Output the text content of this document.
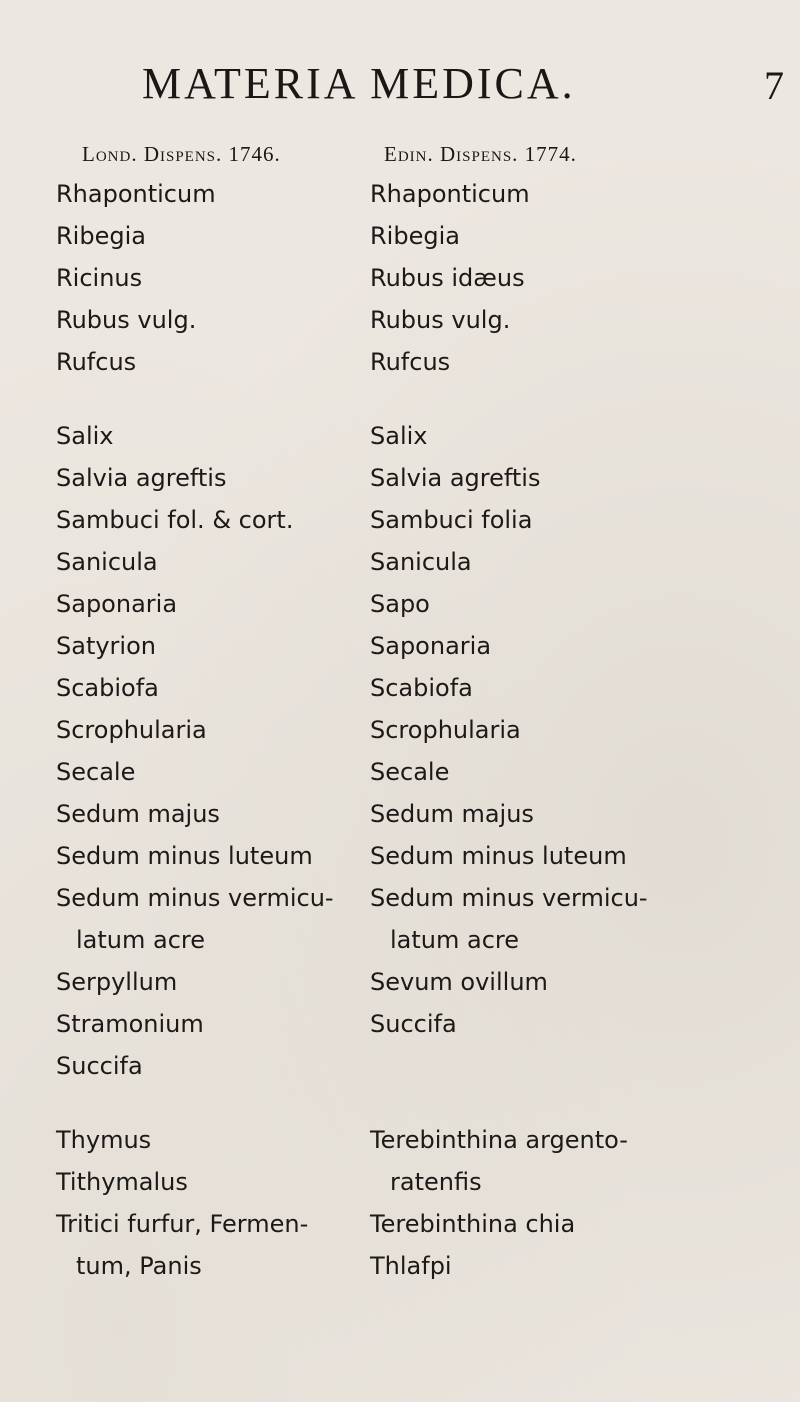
MATERIA MEDICA.	7
Lond. Dispens. 1746.
Rhaponticum
Ribegia
Ricinus
Rubus vulg.
Rufcus
Salix
Salvia agreftis
Sambuci fol. & cort.
Sanicula
Saponaria
Satyrion
Scabiofa
Scrophularia
Secale
Sedum majus
Sedum minus luteum
Sedum minus vermicu-
latum acre
Serpyllum
Stramonium
Succifa
Thymus
Tithymalus
Tritici furfur, Fermen-
tum, Panis
Edin. Dispens. 1774.
Rhaponticum
Ribegia
Rubus idæus
Rubus vulg.
Rufcus
Salix
Salvia agreftis
Sambuci folia
Sanicula
Sapo
Saponaria
Scabiofa
Scrophularia
Secale
Sedum majus
Sedum minus luteum
Sedum minus vermicu-
latum acre
Sevum ovillum
Succifa
Terebinthina argento-
ratenfis
Terebinthina chia
Thlafpi
